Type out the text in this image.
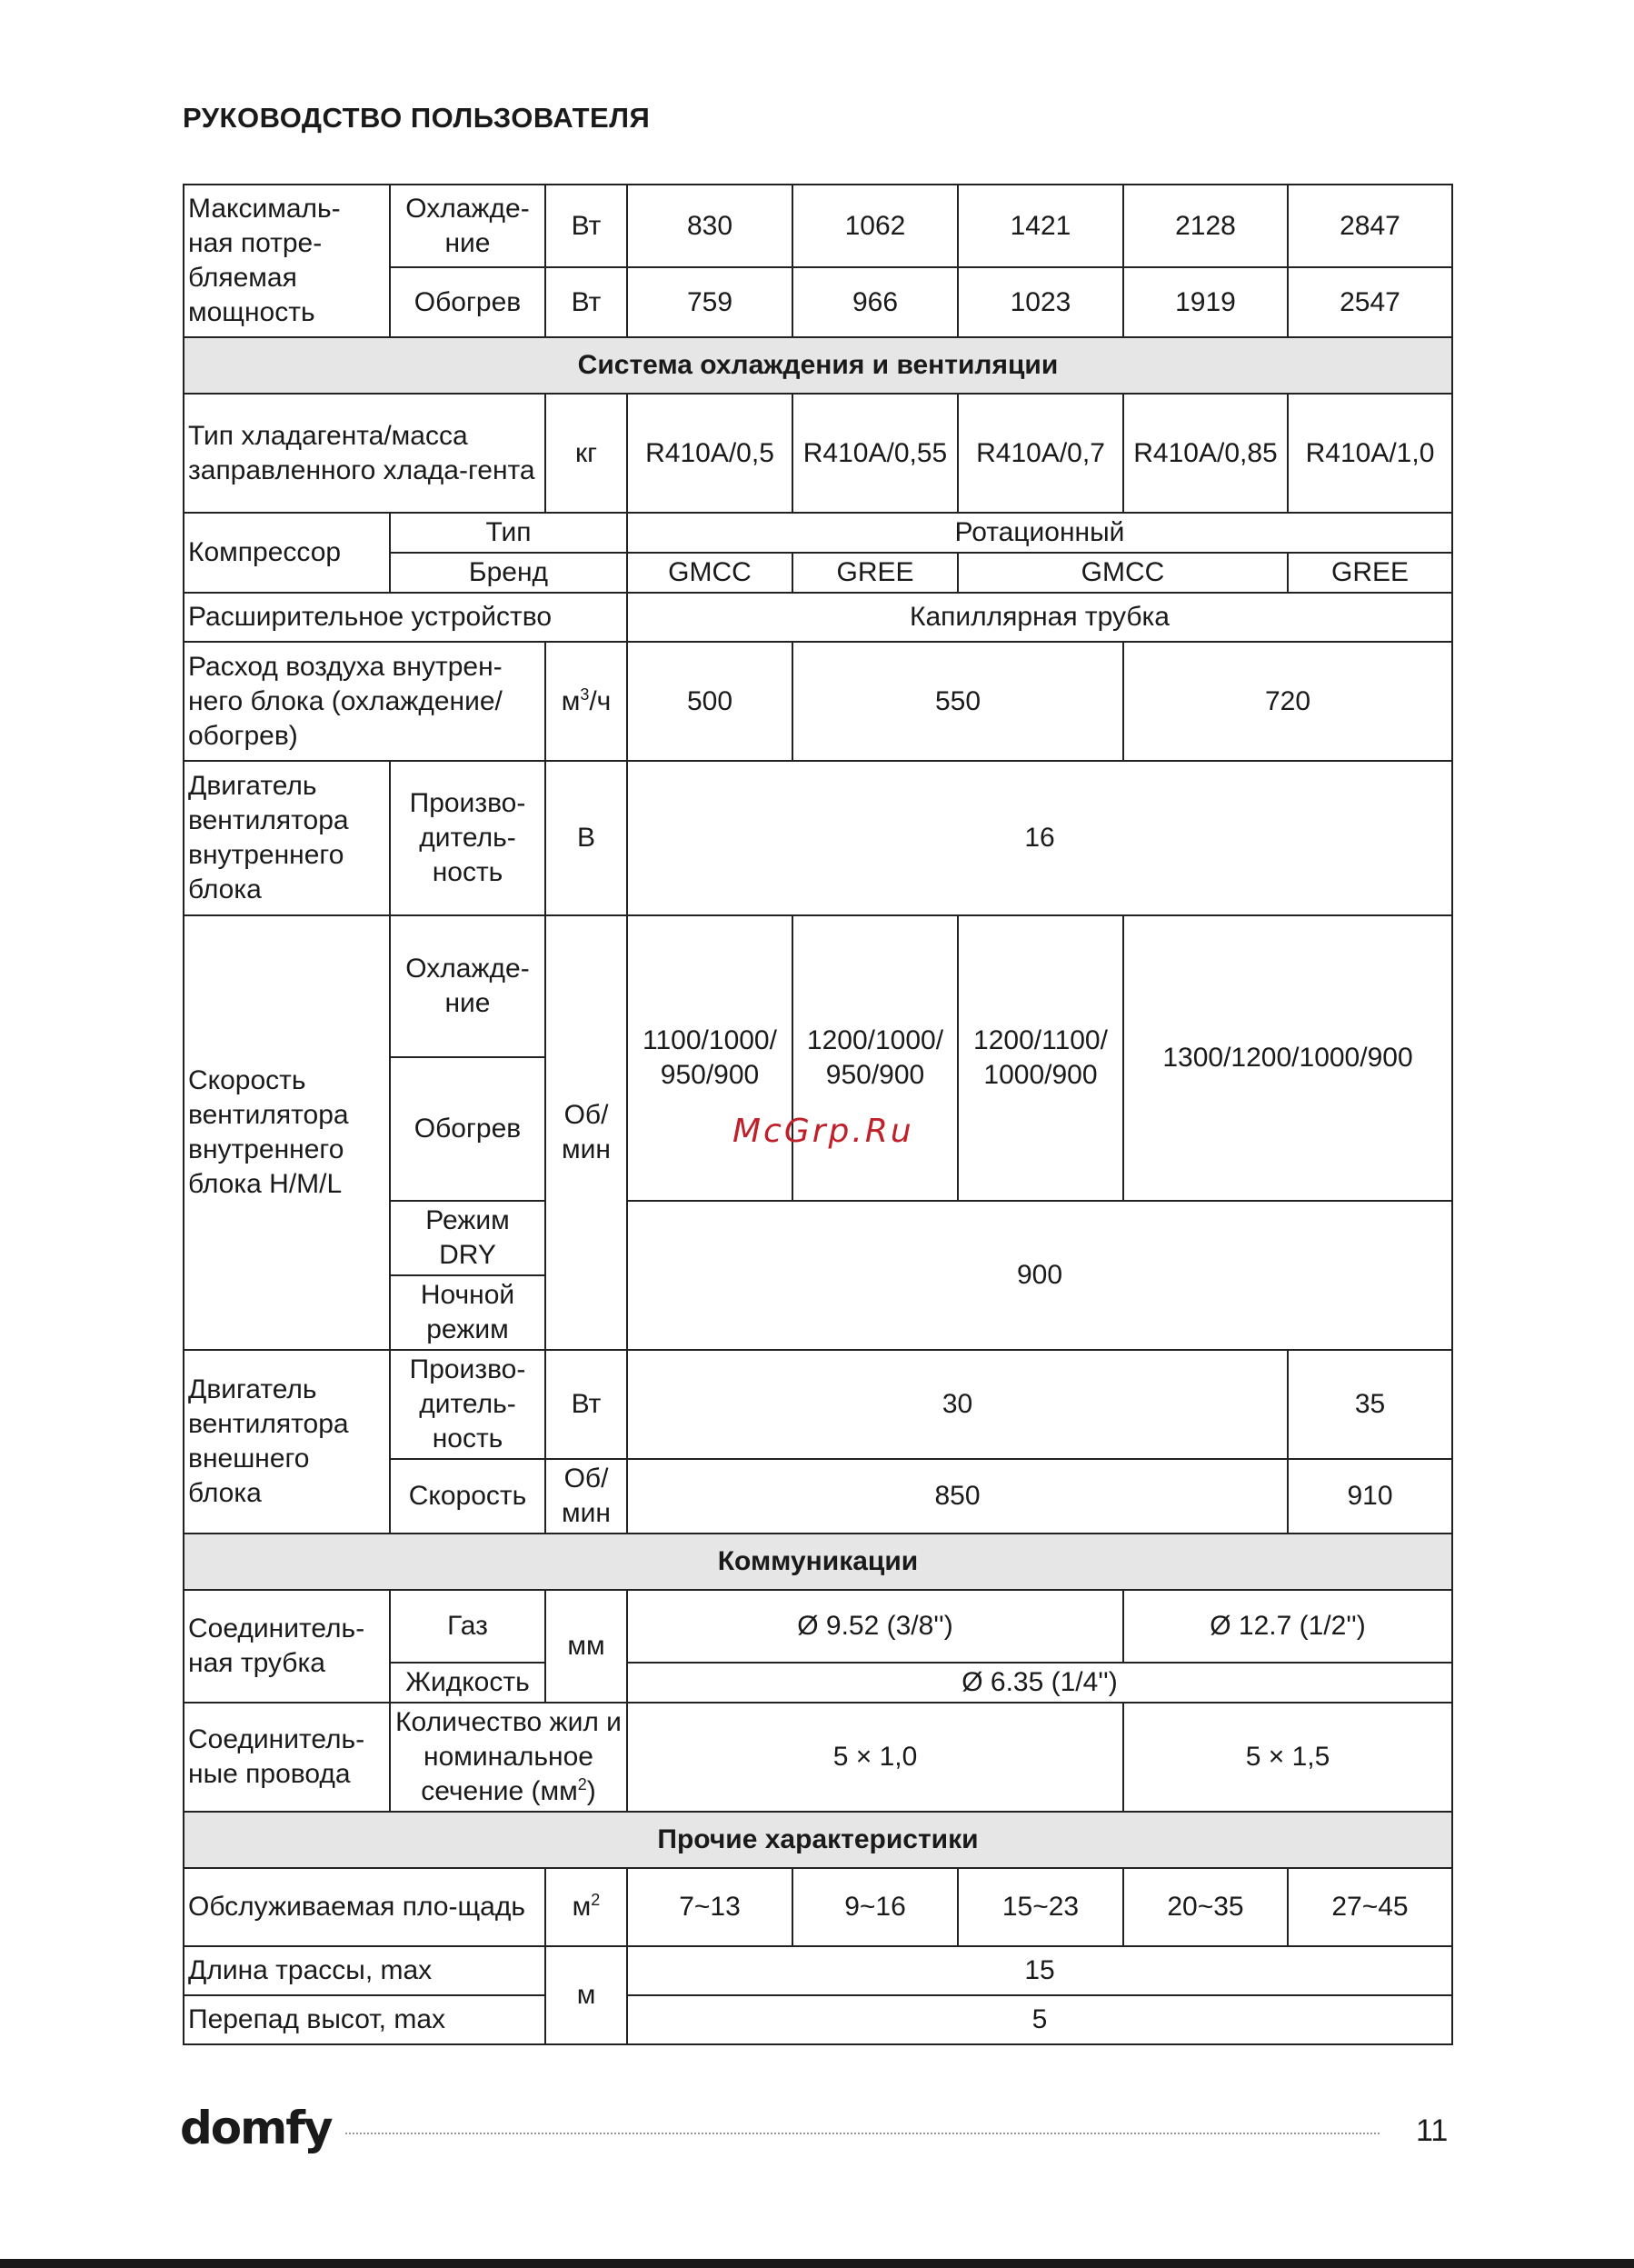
РУКОВОДСТВО ПОЛЬЗОВАТЕЛЯ
Максималь-ная потре-бляемая мощность	Охлажде-ние	Вт	830	1062	1421	2128	2847
	Обогрев	Вт	759	966	1023	1919	2547
Система охлаждения и вентиляции							
Тип хладагента/масса заправленного хлада-гента		кг	R410A/0,5	R410A/0,55	R410A/0,7	R410A/0,85	R410A/1,0
Компрессор	Тип		Ротационный				
	Бренд		GMCC	GREE	GMCC		GREE
Расширительное устройство			Капиллярная трубка				
Расход воздуха внутрен-него блока (охлаждение/ обогрев)		$м^3/ч$	500	550		720	
Двигатель вентилятора внутреннего блока	Произво-дитель-ность	В	16				
Скорость вентилятора внутреннего блока H/M/L	Охлажде-ние	Об/ мин	1100/1000/ 950/900	1200/1000/ 950/900	1200/1100/ 1000/900	1300/1200/1000/900	
	Обогрев						
	Режим DRY		900				
	Ночной режим						
Двигатель вентилятора внешнего блока	Произво-дитель-ность	Вт	30				35
	Скорость	Об/ мин	850				910
Коммуникации							
Соединитель-ная трубка	Газ	мм	Ø 9.52 (3/8'')			Ø 12.7 (1/2'')	
	Жидкость		Ø 6.35 (1/4'')				
Соединитель-ные провода	Количество жил и номинальное сечение $(мм^2)$		5 × 1,0			5 × 1,5	
Прочие характеристики							
Обслуживаемая пло-щадь		$м^2$	7~13	9~16	15~23	20~35	27~45
Длина трассы, max		м	15				
Перепад высот, max			5				
McGrp.Ru
domfy	11
